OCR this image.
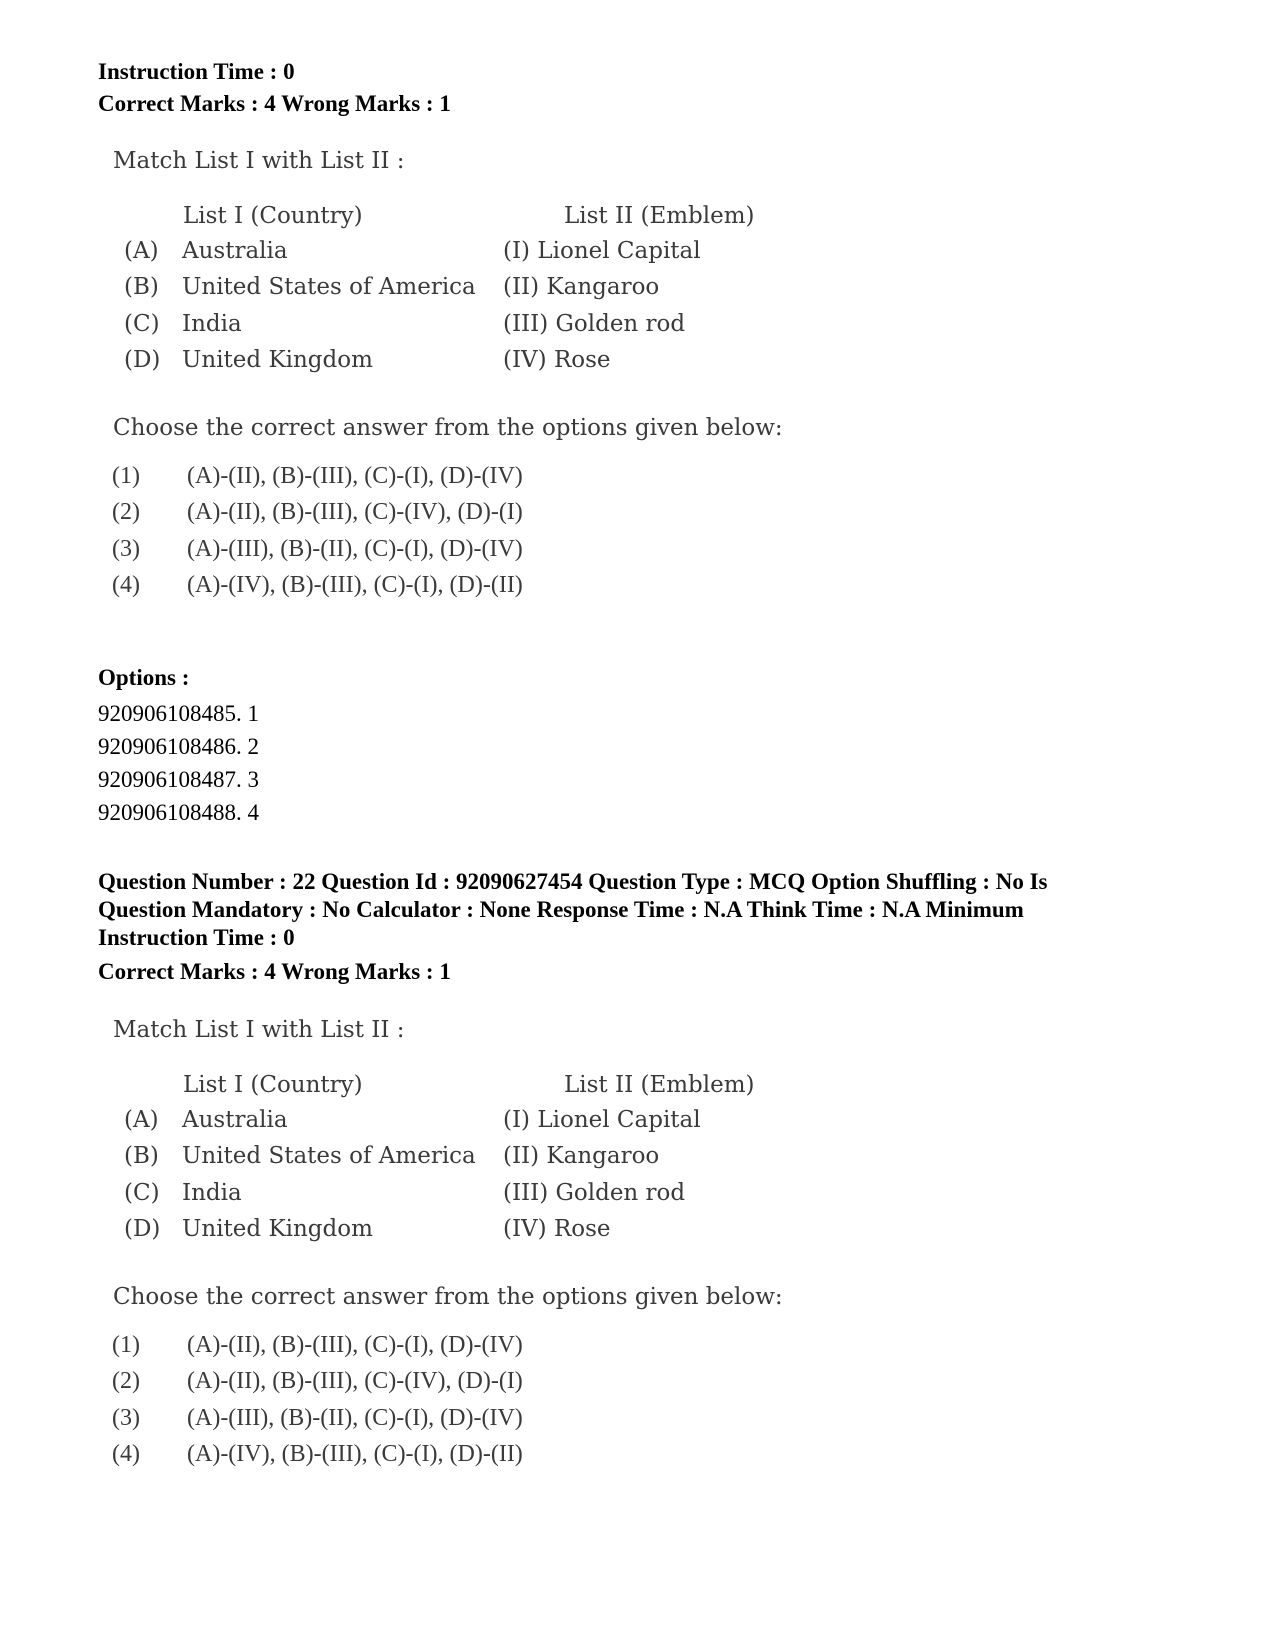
Instruction Time : 0
Correct Marks : 4 Wrong Marks : 1
Match List I with List II :
List I (Country)	List II (Emblem)
(A) Australia	(I) Lionel Capital
(B) United States of America (II) Kangaroo
(C) India	(III) Golden rod
(D) United Kingdom	(IV) Rose
Choose the correct answer from the options given below:
(1) (A)-(II), (B)-(III), (C)-(I), (D)-(IV)
(2) (A)-(II), (B)-(III), (C)-(IV), (D)-(I)
(3) (A)-(III), (B)-(II), (C)-(I), (D)-(IV)
(4) (A)-(IV), (B)-(III), (C)-(I), (D)-(II)
Options :
920906108485. 1
920906108486. 2
920906108487. 3
920906108488. 4
Question Number : 22 Question Id : 92090627454 Question Type : MCQ Option Shuffling : No Is
Question Mandatory : No Calculator : None Response Time : N.A Think Time : N.A Minimum
Instruction Time : 0
Correct Marks : 4 Wrong Marks : 1
Match List I with List II :
List I (Country)	List II (Emblem)
(A) Australia	(I) Lionel Capital
(B) United States of America (II) Kangaroo
(C) India	(III) Golden rod
(D) United Kingdom	(IV) Rose
Choose the correct answer from the options given below:
(1) (A)-(II), (B)-(III), (C)-(I), (D)-(IV)
(2) (A)-(II), (B)-(III), (C)-(IV), (D)-(I)
(3) (A)-(III), (B)-(II), (C)-(I), (D)-(IV)
(4) (A)-(IV), (B)-(III), (C)-(I), (D)-(II)
